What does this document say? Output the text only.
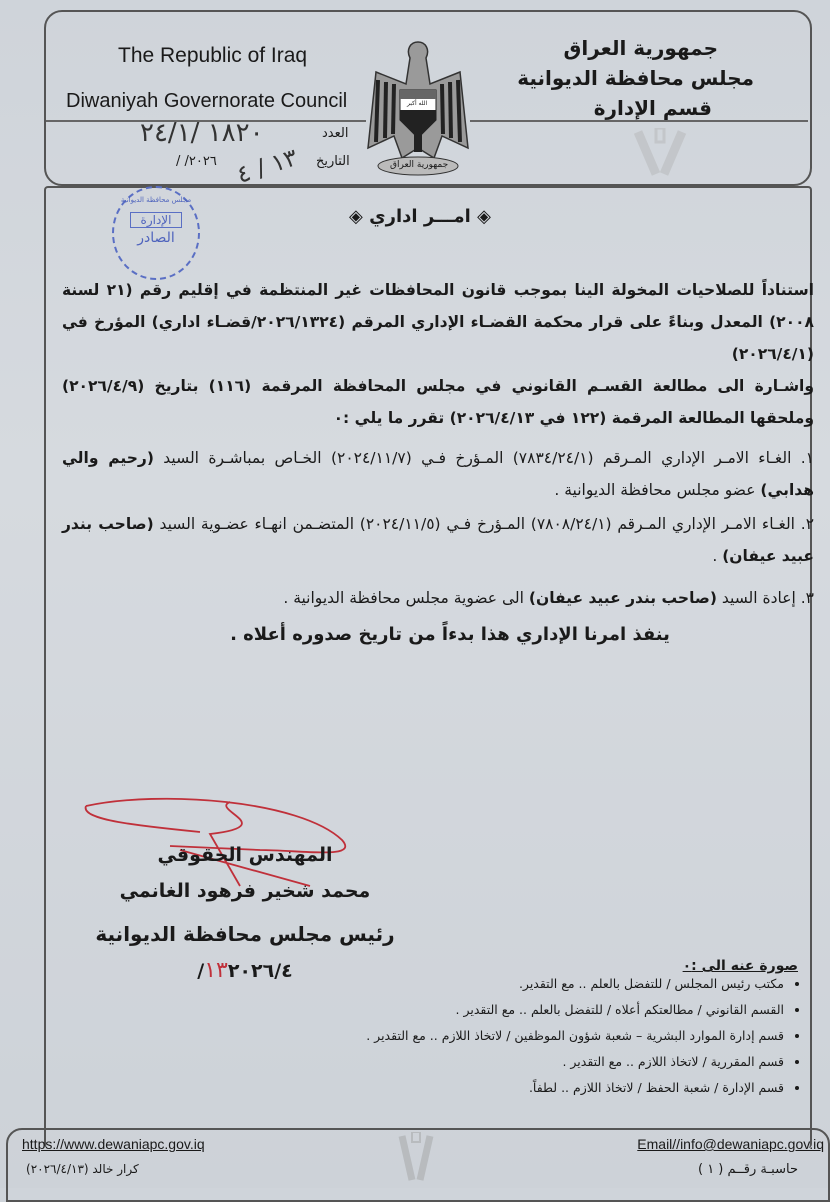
The Republic of Iraq
Diwaniyah Governorate Council
جمهورية العراق
مجلس محافظة الديوانية
قسم الإدارة
جمهورية العراق
الله أكبر
العدد
١٨٢٠ /٢٤/١
التاريخ
٢٠٢٦/ / ١٣ / ٤
مجلس محافظة الديوانية
الإدارة
الصادر
◈ امـــر اداري ◈
استناداً للصلاحيات المخولة الينا بموجب قانون المحافظات غير المنتظمة في إقليم رقم (٢١ لسنة ٢٠٠٨) المعدل وبناءً على قرار محكمة القضـاء الإداري المرقم (٢٠٢٦/١٣٢٤/قضـاء اداري) المؤرخ في (٢٠٢٦/٤/١)
واشـارة الى مطالعة القسـم القانوني في مجلس المحافظة المرقمة (١١٦) بتاريخ (٢٠٢٦/٤/٩) وملحقها المطالعة المرقمة (١٢٢ في ٢٠٢٦/٤/١٣) تقرر ما يلي :٠
١. الغـاء الامـر الإداري المـرقم (٧٨٣٤/٢٤/١) المـؤرخ فـي (٢٠٢٤/١١/٧) الخـاص بمباشـرة السيد (رحيم والي هدابي) عضو مجلس محافظة الديوانية .
٢. الغـاء الامـر الإداري المـرقم (٧٨٠٨/٢٤/١) المـؤرخ فـي (٢٠٢٤/١١/٥) المتضـمن انهـاء عضـوية السيد (صاحب بندر عبيد عيفان) .
٣. إعادة السيد (صاحب بندر عبيد عيفان) الى عضوية مجلس محافظة الديوانية .
ينفذ امرنا الإداري هذا بدءاً من تاريخ صدوره أعلاه .
المهندس الحقوقي
محمد شخير فرهود الغانمي
رئيس مجلس محافظة الديوانية
١٣٢٠٢٦/٤/	صورة عنه الى :٠
• مكتب رئيس المجلس / للتفضل بالعلم .. مع التقدير.
• القسم القانوني / مطالعتكم أعلاه / للتفضل بالعلم .. مع التقدير .
• قسم إدارة الموارد البشرية – شعبة شؤون الموظفين / لاتخاذ اللازم .. مع التقدير .
• قسم المقررية / لاتخاذ اللازم .. مع التقدير .
• قسم الإدارة / شعبة الحفظ / لاتخاذ اللازم .. لطفاً.
https://www.dewaniapc.gov.iq	Email//info@dewaniapc.gov.iq
كرار خالد (٢٠٢٦/٤/١٣)	حاسبـة رقــم ( ١ )
